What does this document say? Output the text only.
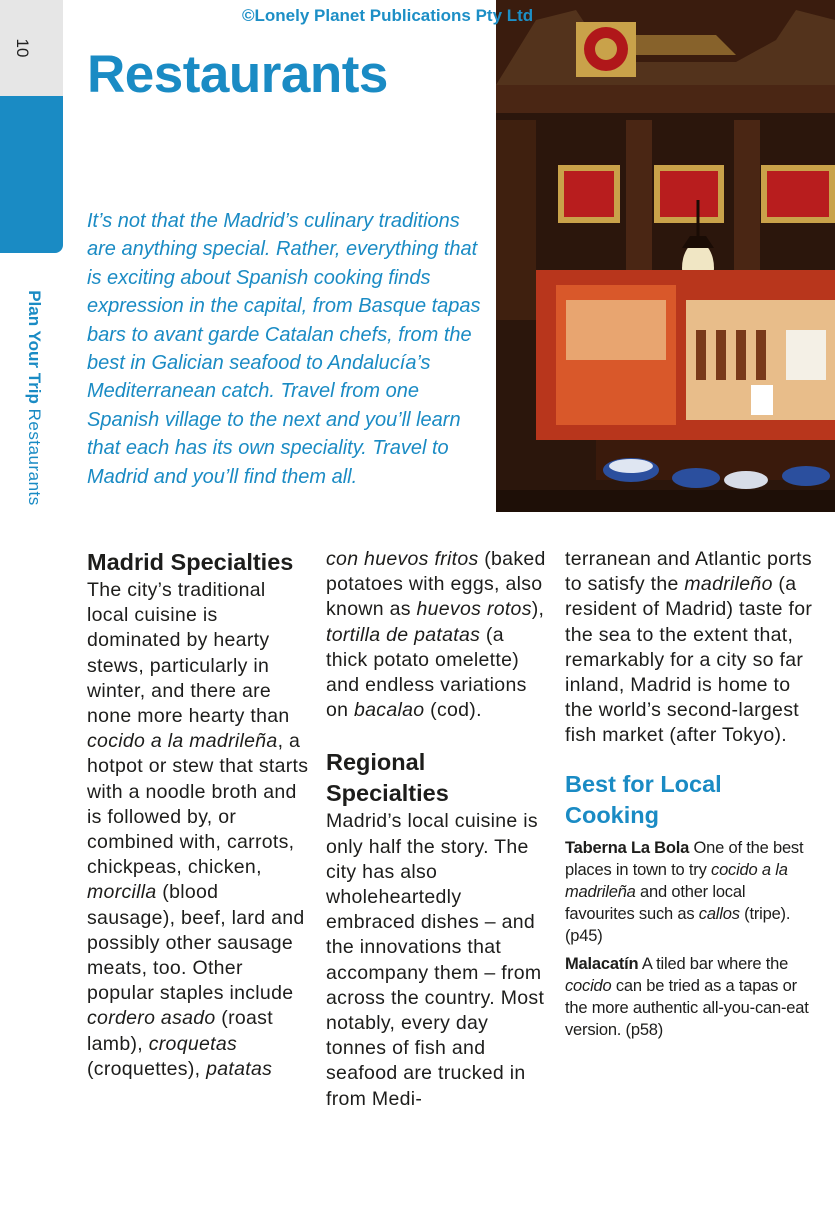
©Lonely Planet Publications Pty Ltd
10
Plan Your Trip Restaurants
Restaurants

It’s not that the Madrid’s culinary traditions are anything special. Rather, everything that is exciting about Spanish cooking finds expression in the capital, from Basque tapas bars to avant garde Catalan chefs, from the best in Galician seafood to Andalucía’s Mediterranean catch. Travel from one Spanish village to the next and you’ll learn that each has its own speciality. Travel to Madrid and you’ll find them all.

Madrid Specialties

The city’s traditional local cuisine is dominated by hearty stews, particularly in winter, and there are none more hearty than cocido a la madrileña, a hotpot or stew that starts with a noodle broth and is followed by, or combined with, carrots, chickpeas, chicken, morcilla (blood sausage), beef, lard and possibly other sausage meats, too. Other popular staples include cordero asado (roast lamb), croquetas (croquettes), patatas

con huevos fritos (baked potatoes with eggs, also known as huevos rotos), tortilla de patatas (a thick potato omelette) and endless variations on bacalao (cod).

Regional Specialties

Madrid’s local cuisine is only half the story. The city has also wholeheartedly embraced dishes – and the innovations that accompany them – from across the country. Most notably, every day tonnes of fish and seafood are trucked in from Medi-

terranean and Atlantic ports to satisfy the madrileño (a resident of Madrid) taste for the sea to the extent that, remarkably for a city so far inland, Madrid is home to the world’s second-largest fish market (after Tokyo).

Best for Local Cooking

Taberna La Bola One of the best places in town to try cocido a la madrileña and other local favourites such as callos (tripe). (p45)

Malacatín A tiled bar where the cocido can be tried as a tapas or the more authentic all-you-can-eat version. (p58)
